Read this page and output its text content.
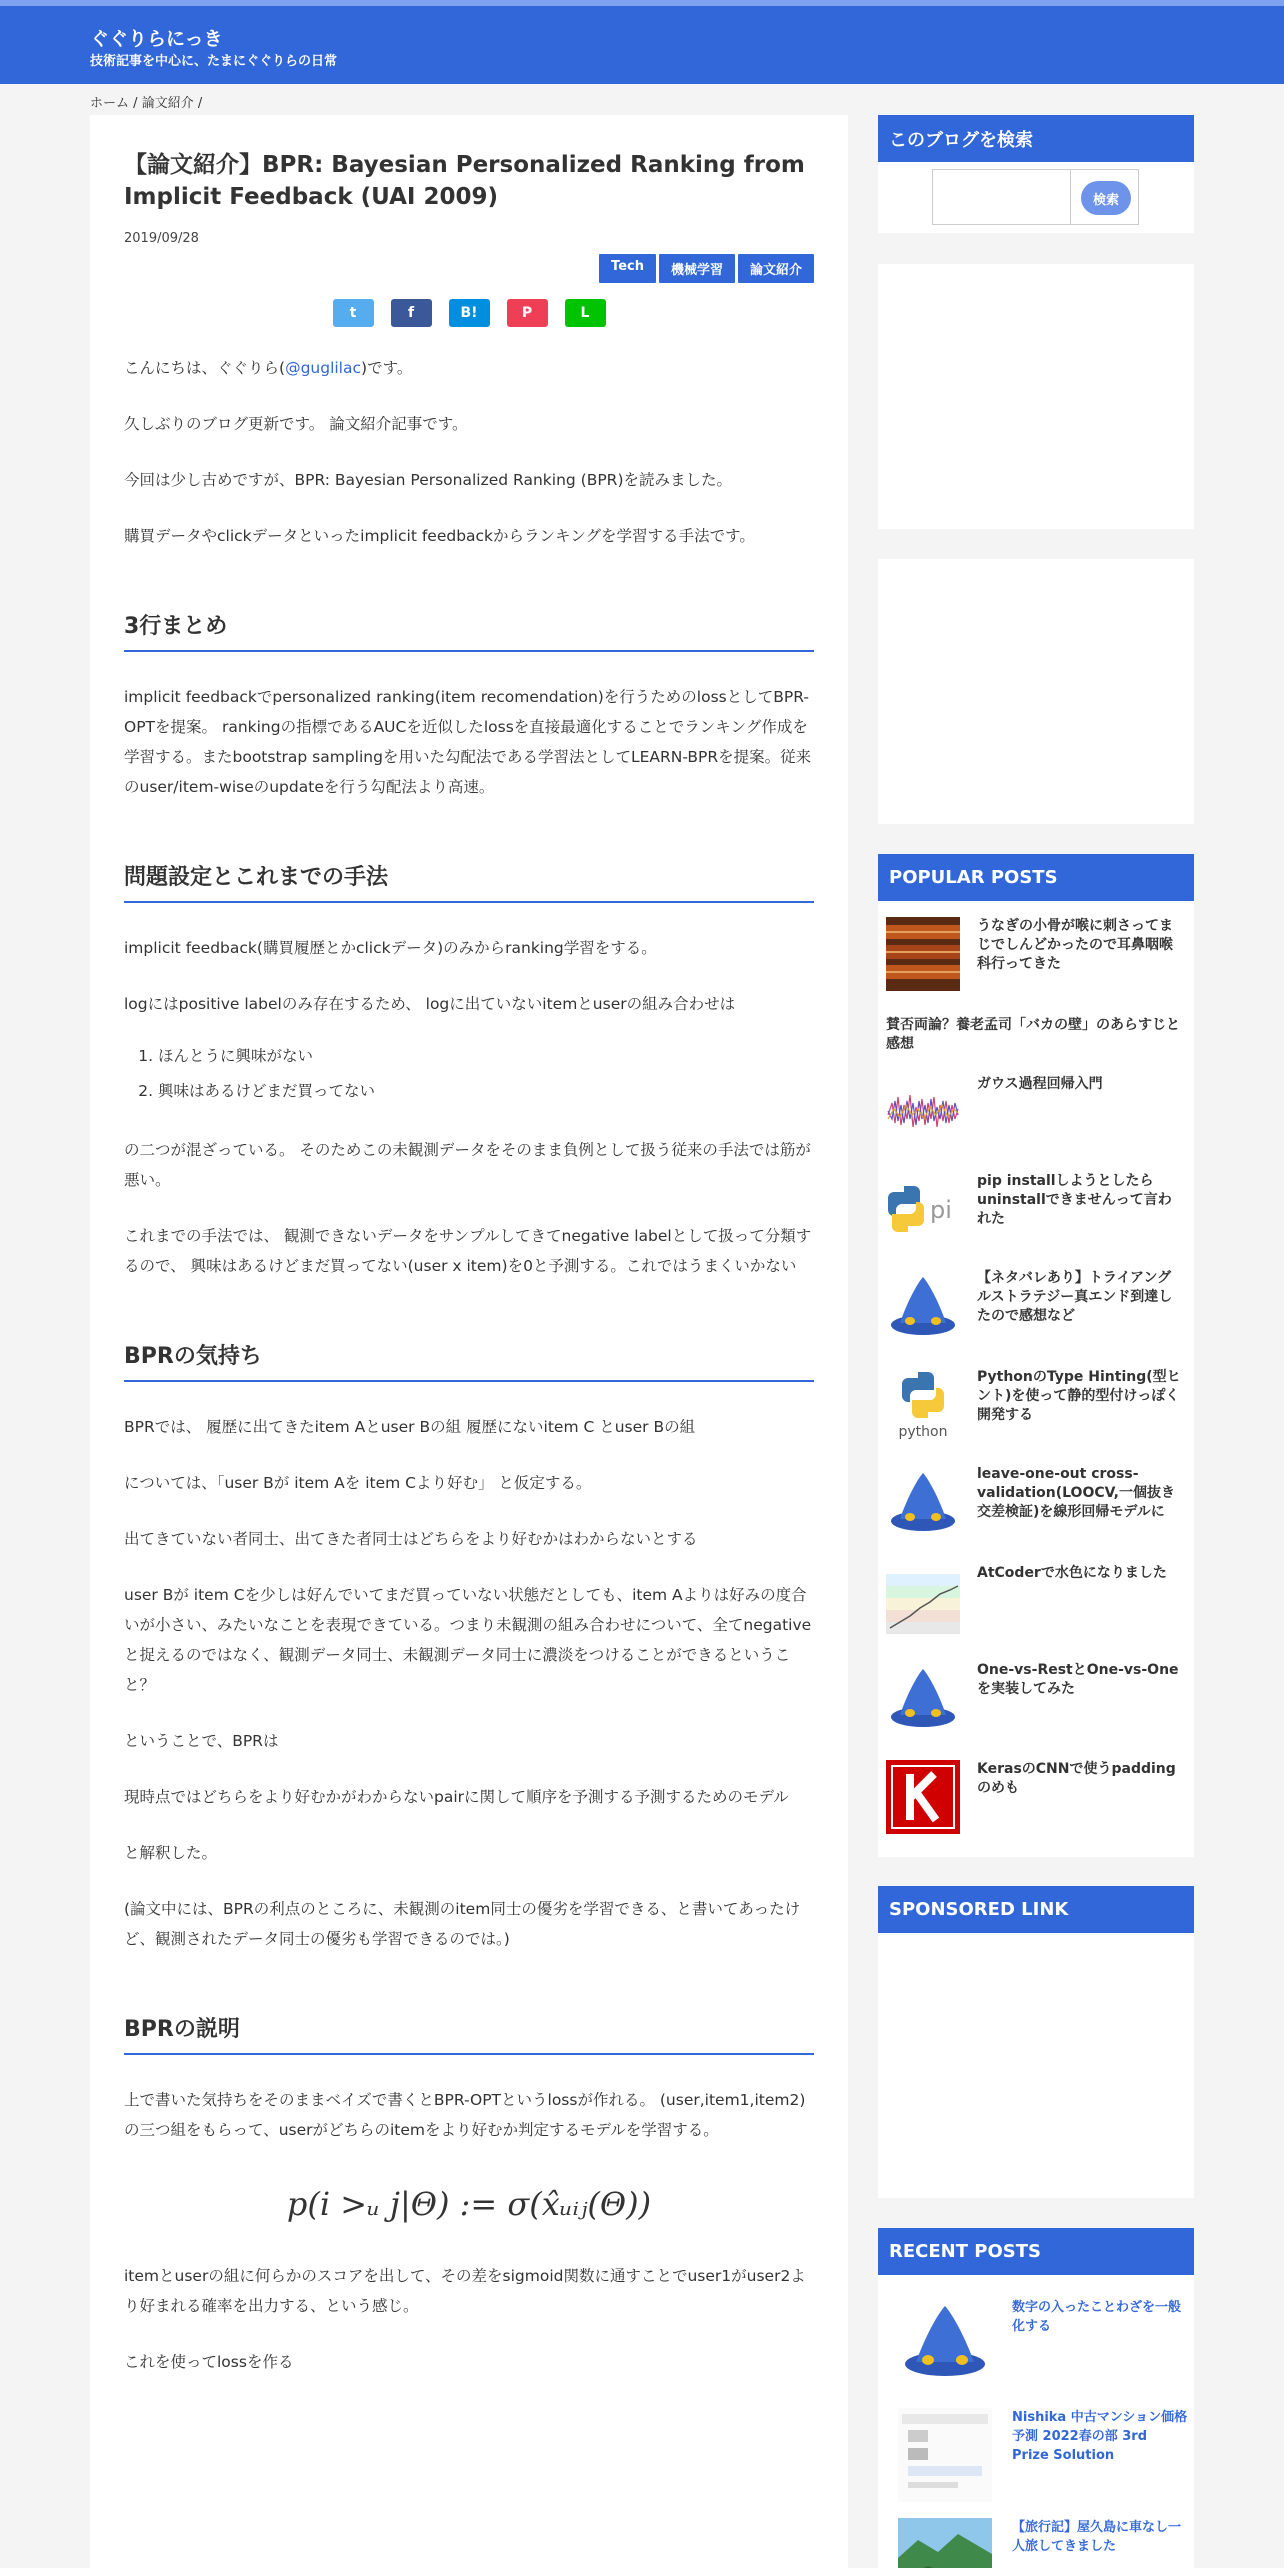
ぐぐりらにっき
技術記事を中心に、たまにぐぐりらの日常
ホーム / 論文紹介 /
【論文紹介】BPR: Bayesian Personalized Ranking from Implicit Feedback (UAI 2009)
2019/09/28
Tech	機械学習	論文紹介
t	f	B!	P	L

こんにちは、ぐぐりら(@guglilac)です。

久しぶりのブログ更新です。 論文紹介記事です。

今回は少し古めですが、BPR: Bayesian Personalized Ranking (BPR)を読みました。

購買データやclickデータといったimplicit feedbackからランキングを学習する手法です。

3行まとめ

implicit feedbackでpersonalized ranking(item recomendation)を行うためのlossとしてBPR-OPTを提案。 rankingの指標であるAUCを近似したlossを直接最適化することでランキング作成を学習する。またbootstrap samplingを用いた勾配法である学習法としてLEARN-BPRを提案。従来のuser/item-wiseのupdateを行う勾配法より高速。

問題設定とこれまでの手法

implicit feedback(購買履歴とかclickデータ)のみからranking学習をする。

logにはpositive labelのみ存在するため、 logに出ていないitemとuserの組み合わせは

1. ほんとうに興味がない
2. 興味はあるけどまだ買ってない

の二つが混ざっている。 そのためこの未観測データをそのまま負例として扱う従来の手法では筋が悪い。

これまでの手法では、 観測できないデータをサンプルしてきてnegative labelとして扱って分類するので、 興味はあるけどまだ買ってない(user x item)を0と予測する。これではうまくいかない

BPRの気持ち

BPRでは、 履歴に出てきたitem Aとuser Bの組 履歴にないitem C とuser Bの組

については、「user Bが item Aを item Cより好む」 と仮定する。

出てきていない者同士、出てきた者同士はどちらをより好むかはわからないとする

user Bが item Cを少しは好んでいてまだ買っていない状態だとしても、item Aよりは好みの度合いが小さい、みたいなことを表現できている。つまり未観測の組み合わせについて、全てnegativeと捉えるのではなく、観測データ同士、未観測データ同士に濃淡をつけることができるということ？

ということで、BPRは

現時点ではどちらをより好むかがわからないpairに関して順序を予測する予測するためのモデル

と解釈した。

(論文中には、BPRの利点のところに、未観測のitem同士の優劣を学習できる、と書いてあったけど、観測されたデータ同士の優劣も学習できるのでは。)

BPRの説明

上で書いた気持ちをそのままベイズで書くとBPR-OPTというlossが作れる。 (user,item1,item2)の三つ組をもらって、userがどちらのitemをより好むか判定するモデルを学習する。

p(i >ᵤ j|Θ) := σ(x̂ᵤᵢⱼ(Θ))

itemとuserの組に何らかのスコアを出して、その差をsigmoid関数に通すことでuser1がuser2より好まれる確率を出力する、という感じ。

これを使ってlossを作る

このブログを検索
検索
POPULAR POSTS
うなぎの小骨が喉に刺さってまじでしんどかったので耳鼻咽喉科行ってきた
賛否両論？養老孟司「バカの壁」のあらすじと感想
ガウス過程回帰入門
pi
pip installしようとしたらuninstallできませんって言われた
【ネタバレあり】トライアングルストラテジー真エンド到達したので感想など
python
PythonのType Hinting(型ヒント)を使って静的型付けっぽく開発する
leave-one-out cross-validation(LOOCV,一個抜き交差検証)を線形回帰モデルに
AtCoderで水色になりました
One-vs-RestとOne-vs-Oneを実装してみた
KerasのCNNで使うpaddingのめも
SPONSORED LINK
RECENT POSTS
数字の入ったことわざを一般化する
Nishika 中古マンション価格予測 2022春の部 3rd Prize Solution
【旅行記】屋久島に車なし一人旅してきました
